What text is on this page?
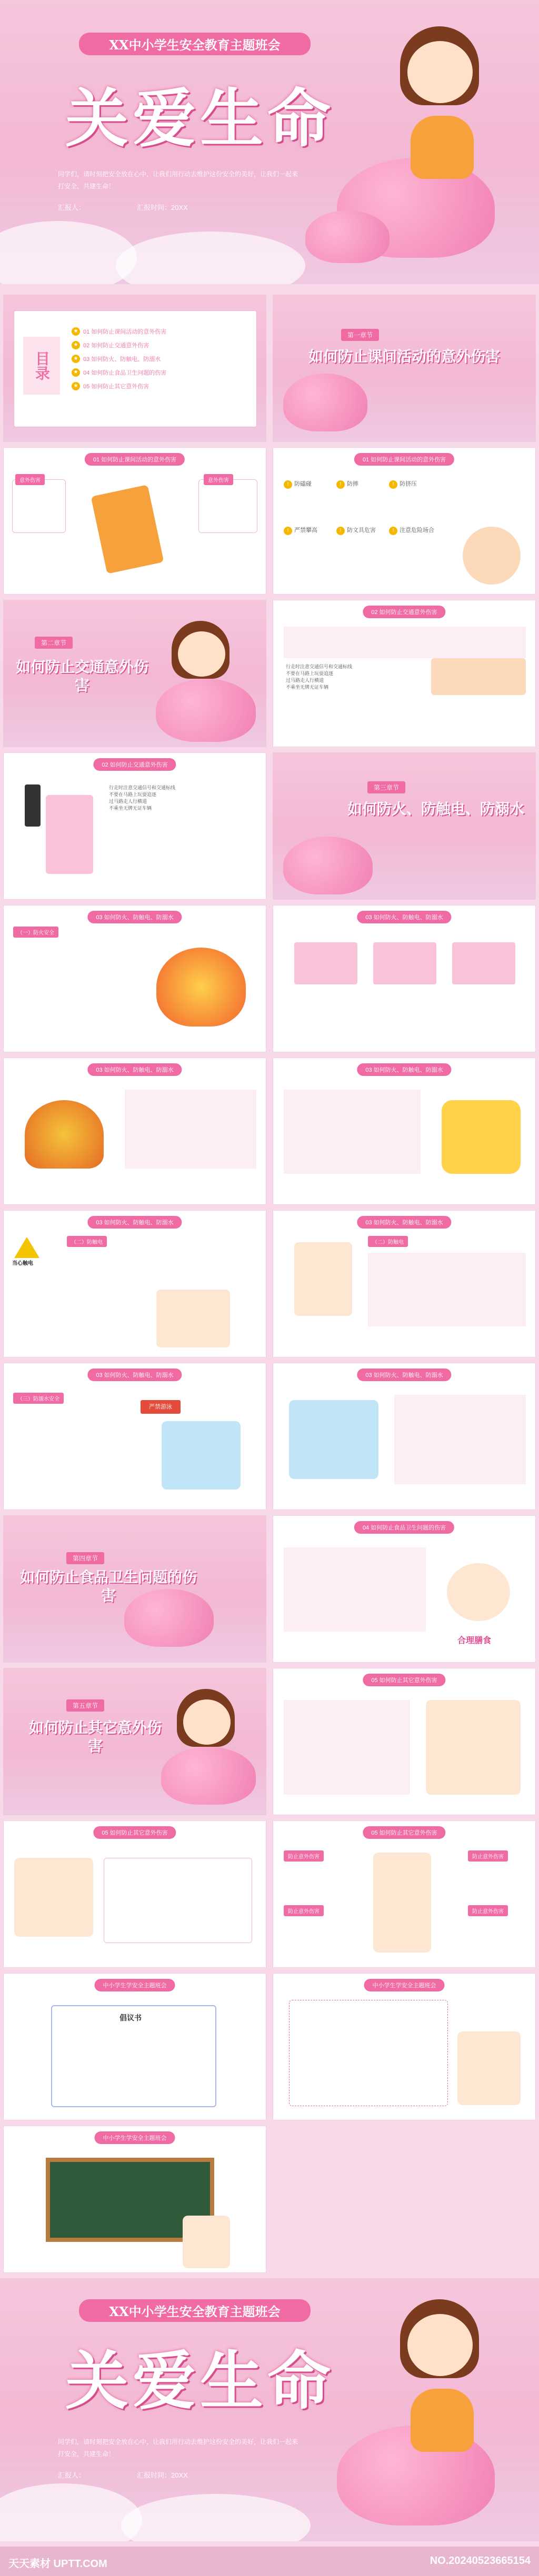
XX中小学生安全教育主题班会
关爱生命
同学们，请时刻把安全放在心中，让我们用行动去维护这份安全的美好，让我们一起来打安全，共建生命！
汇报人：	汇报时间：20XX
目录
★ 01 如何防止课间活动的意外伤害
★ 02 如何防止交通意外伤害
★ 03 如何防火、防触电、防溺水
★ 04 如何防止食品卫生问题的伤害
★ 05 如何防止其它意外伤害
第一章节
如何防止课间活动的意外伤害
01 如何防止课间活动的意外伤害
意外伤害	意外伤害
01 如何防止课间活动的意外伤害
! 防磕碰	! 防摔	! 防挤压
! 严禁攀高	! 防文具危害	! 注意危险场合
第二章节
如何防止交通意外伤害
02 如何防止交通意外伤害
行走时注意交通信号和交通标线
不要在马路上玩耍追逐
过马路走人行横道
不乘坐无牌无证车辆
02 如何防止交通意外伤害
行走时注意交通信号和交通标线
不要在马路上玩耍追逐
过马路走人行横道
不乘坐无牌无证车辆
第三章节
如何防火、防触电、防溺水
03 如何防火、防触电、防溺水
（一）防火安全
03 如何防火、防触电、防溺水
03 如何防火、防触电、防溺水	03 如何防火、防触电、防溺水
03 如何防火、防触电、防溺水
当心触电
（二）防触电
03 如何防火、防触电、防溺水
（二）防触电
03 如何防火、防触电、防溺水
（三）防溺水安全
严禁游泳
03 如何防火、防触电、防溺水
第四章节
如何防止食品卫生问题的伤害
04 如何防止食品卫生问题的伤害
合理膳食
第五章节
如何防止其它意外伤害
05 如何防止其它意外伤害
05 如何防止其它意外伤害	05 如何防止其它意外伤害
防止意外伤害
防止意外伤害
防止意外伤害
防止意外伤害
中小学生学安全主题班会
倡议书
中小学生学安全主题班会
中小学生学安全主题班会
XX中小学生安全教育主题班会
关爱生命
同学们，请时刻把安全放在心中，让我们用行动去维护这份安全的美好，让我们一起来打安全，共建生命！
汇报人：	汇报时间：20XX
天天素材 UPTT.COM	NO.20240523665154
